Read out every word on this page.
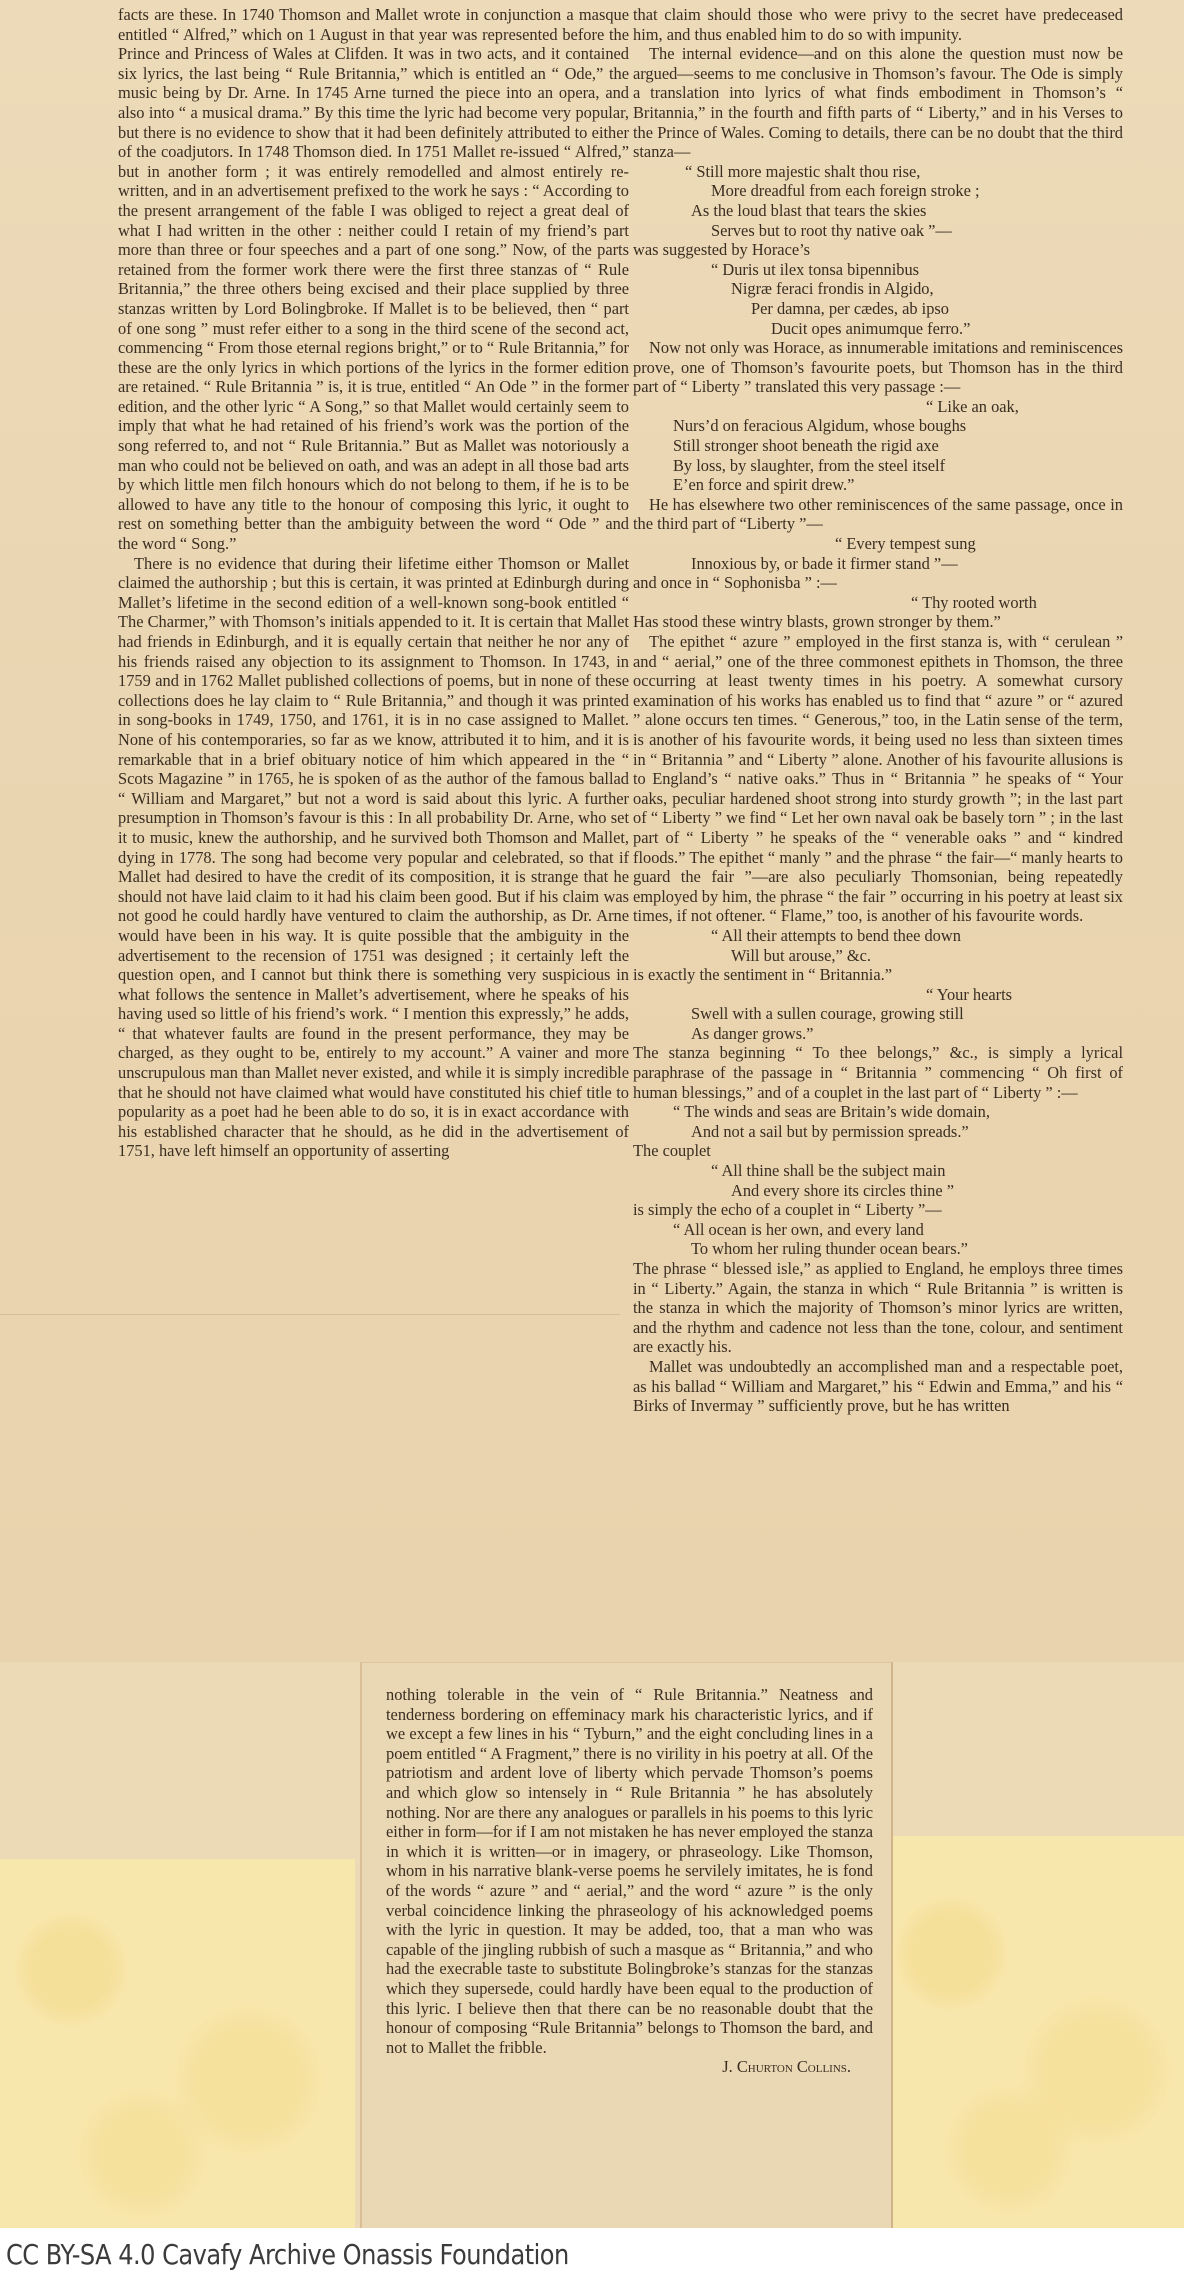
facts are these. In 1740 Thomson and Mallet wrote in conjunction a masque entitled “ Alfred,” which on 1 August in that year was represented before the Prince and Princess of Wales at Clifden. It was in two acts, and it contained six lyrics, the last being “ Rule Britannia,” which is entitled an “ Ode,” the music being by Dr. Arne. In 1745 Arne turned the piece into an opera, and also into “ a musical drama.” By this time the lyric had become very popular, but there is no evidence to show that it had been definitely attributed to either of the coadjutors. In 1748 Thomson died. In 1751 Mallet re-issued “ Alfred,” but in another form ; it was entirely remodelled and almost entirely re-written, and in an advertisement prefixed to the work he says : “ According to the present arrangement of the fable I was obliged to reject a great deal of what I had written in the other : neither could I retain of my friend’s part more than three or four speeches and a part of one song.” Now, of the parts retained from the former work there were the first three stanzas of “ Rule Britannia,” the three others being excised and their place supplied by three stanzas written by Lord Bolingbroke. If Mallet is to be believed, then “ part of one song ” must refer either to a song in the third scene of the second act, commencing “ From those eternal regions bright,” or to “ Rule Britannia,” for these are the only lyrics in which portions of the lyrics in the former edition are retained. “ Rule Britannia ” is, it is true, entitled “ An Ode ” in the former edition, and the other lyric “ A Song,” so that Mallet would certainly seem to imply that what he had retained of his friend’s work was the portion of the song referred to, and not “ Rule Britannia.” But as Mallet was notoriously a man who could not be believed on oath, and was an adept in all those bad arts by which little men filch honours which do not belong to them, if he is to be allowed to have any title to the honour of composing this lyric, it ought to rest on something better than the ambiguity between the word “ Ode ” and the word “ Song.”

There is no evidence that during their lifetime either Thomson or Mallet claimed the authorship ; but this is certain, it was printed at Edinburgh during Mallet’s lifetime in the second edition of a well-known song-book entitled “ The Charmer,” with Thomson’s initials appended to it. It is certain that Mallet had friends in Edinburgh, and it is equally certain that neither he nor any of his friends raised any objection to its assignment to Thomson. In 1743, in 1759 and in 1762 Mallet published collections of poems, but in none of these collections does he lay claim to “ Rule Britannia,” and though it was printed in song-books in 1749, 1750, and 1761, it is in no case assigned to Mallet. None of his contemporaries, so far as we know, attributed it to him, and it is remarkable that in a brief obituary notice of him which appeared in the “ Scots Magazine ” in 1765, he is spoken of as the author of the famous ballad “ William and Margaret,” but not a word is said about this lyric. A further presumption in Thomson’s favour is this : In all probability Dr. Arne, who set it to music, knew the authorship, and he survived both Thomson and Mallet, dying in 1778. The song had become very popular and celebrated, so that if Mallet had desired to have the credit of its composition, it is strange that he should not have laid claim to it had his claim been good. But if his claim was not good he could hardly have ventured to claim the authorship, as Dr. Arne would have been in his way. It is quite possible that the ambiguity in the advertisement to the recension of 1751 was designed ; it certainly left the question open, and I cannot but think there is something very suspicious in what follows the sentence in Mallet’s advertisement, where he speaks of his having used so little of his friend’s work. “ I mention this expressly,” he adds, “ that whatever faults are found in the present performance, they may be charged, as they ought to be, entirely to my account.” A vainer and more unscrupulous man than Mallet never existed, and while it is simply incredible that he should not have claimed what would have constituted his chief title to popularity as a poet had he been able to do so, it is in exact accordance with his established character that he should, as he did in the advertisement of 1751, have left himself an opportunity of asserting

that claim should those who were privy to the secret have predeceased him, and thus enabled him to do so with impunity.

The internal evidence—and on this alone the question must now be argued—seems to me conclusive in Thomson’s favour. The Ode is simply a translation into lyrics of what finds embodiment in Thomson’s “ Britannia,” in the fourth and fifth parts of “ Liberty,” and in his Verses to the Prince of Wales. Coming to details, there can be no doubt that the third stanza—

“ Still more majestic shalt thou rise,

More dreadful from each foreign stroke ;

As the loud blast that tears the skies

Serves but to root thy native oak ”—

was suggested by Horace’s

“ Duris ut ilex tonsa bipennibus

Nigræ feraci frondis in Algido,

Per damna, per cædes, ab ipso

Ducit opes animumque ferro.”

Now not only was Horace, as innumerable imitations and reminiscences prove, one of Thomson’s favourite poets, but Thomson has in the third part of “ Liberty ” translated this very passage :—

“ Like an oak,

Nurs’d on feracious Algidum, whose boughs

Still stronger shoot beneath the rigid axe

By loss, by slaughter, from the steel itself

E’en force and spirit drew.”

He has elsewhere two other reminiscences of the same passage, once in the third part of “Liberty ”—

“ Every tempest sung

Innoxious by, or bade it firmer stand ”—

and once in “ Sophonisba ” :—

“ Thy rooted worth

Has stood these wintry blasts, grown stronger by them.”

The epithet “ azure ” employed in the first stanza is, with “ cerulean ” and “ aerial,” one of the three commonest epithets in Thomson, the three occurring at least twenty times in his poetry. A somewhat cursory examination of his works has enabled us to find that “ azure ” or “ azured ” alone occurs ten times. “ Generous,” too, in the Latin sense of the term, is another of his favourite words, it being used no less than sixteen times in “ Britannia ” and “ Liberty ” alone. Another of his favourite allusions is to England’s “ native oaks.” Thus in “ Britannia ” he speaks of “ Your oaks, peculiar hardened shoot strong into sturdy growth ”; in the last part of “ Liberty ” we find “ Let her own naval oak be basely torn ” ; in the last part of “ Liberty ” he speaks of the “ venerable oaks ” and “ kindred floods.” The epithet “ manly ” and the phrase “ the fair—“ manly hearts to guard the fair ”—are also peculiarly Thomsonian, being repeatedly employed by him, the phrase “ the fair ” occurring in his poetry at least six times, if not oftener. “ Flame,” too, is another of his favourite words.

“ All their attempts to bend thee down

Will but arouse,” &c.

is exactly the sentiment in “ Britannia.”

“ Your hearts

Swell with a sullen courage, growing still

As danger grows.”

The stanza beginning “ To thee belongs,” &c., is simply a lyrical paraphrase of the passage in “ Britannia ” commencing “ Oh first of human blessings,” and of a couplet in the last part of “ Liberty ” :—

“ The winds and seas are Britain’s wide domain,

And not a sail but by permission spreads.”

The couplet

“ All thine shall be the subject main

And every shore its circles thine ”

is simply the echo of a couplet in “ Liberty ”—

“ All ocean is her own, and every land

To whom her ruling thunder ocean bears.”

The phrase “ blessed isle,” as applied to England, he employs three times in “ Liberty.” Again, the stanza in which “ Rule Britannia ” is written is the stanza in which the majority of Thomson’s minor lyrics are written, and the rhythm and cadence not less than the tone, colour, and sentiment are exactly his.

Mallet was undoubtedly an accomplished man and a respectable poet, as his ballad “ William and Margaret,” his “ Edwin and Emma,” and his “ Birks of Invermay ” sufficiently prove, but he has written

nothing tolerable in the vein of “ Rule Britannia.” Neatness and tenderness bordering on effeminacy mark his characteristic lyrics, and if we except a few lines in his “ Tyburn,” and the eight concluding lines in a poem entitled “ A Fragment,” there is no virility in his poetry at all. Of the patriotism and ardent love of liberty which pervade Thomson’s poems and which glow so intensely in “ Rule Britannia ” he has absolutely nothing. Nor are there any analogues or parallels in his poems to this lyric either in form—for if I am not mistaken he has never employed the stanza in which it is written—or in imagery, or phraseology. Like Thomson, whom in his narrative blank-verse poems he servilely imitates, he is fond of the words “ azure ” and “ aerial,” and the word “ azure ” is the only verbal coincidence linking the phraseology of his acknowledged poems with the lyric in question. It may be added, too, that a man who was capable of the jingling rubbish of such a masque as “ Britannia,” and who had the execrable taste to substitute Bolingbroke’s stanzas for the stanzas which they supersede, could hardly have been equal to the production of this lyric. I believe then that there can be no reasonable doubt that the honour of composing “Rule Britannia” belongs to Thomson the bard, and not to Mallet the fribble.

J. Churton Collins.

CC BY-SA 4.0 Cavafy Archive Onassis Foundation
